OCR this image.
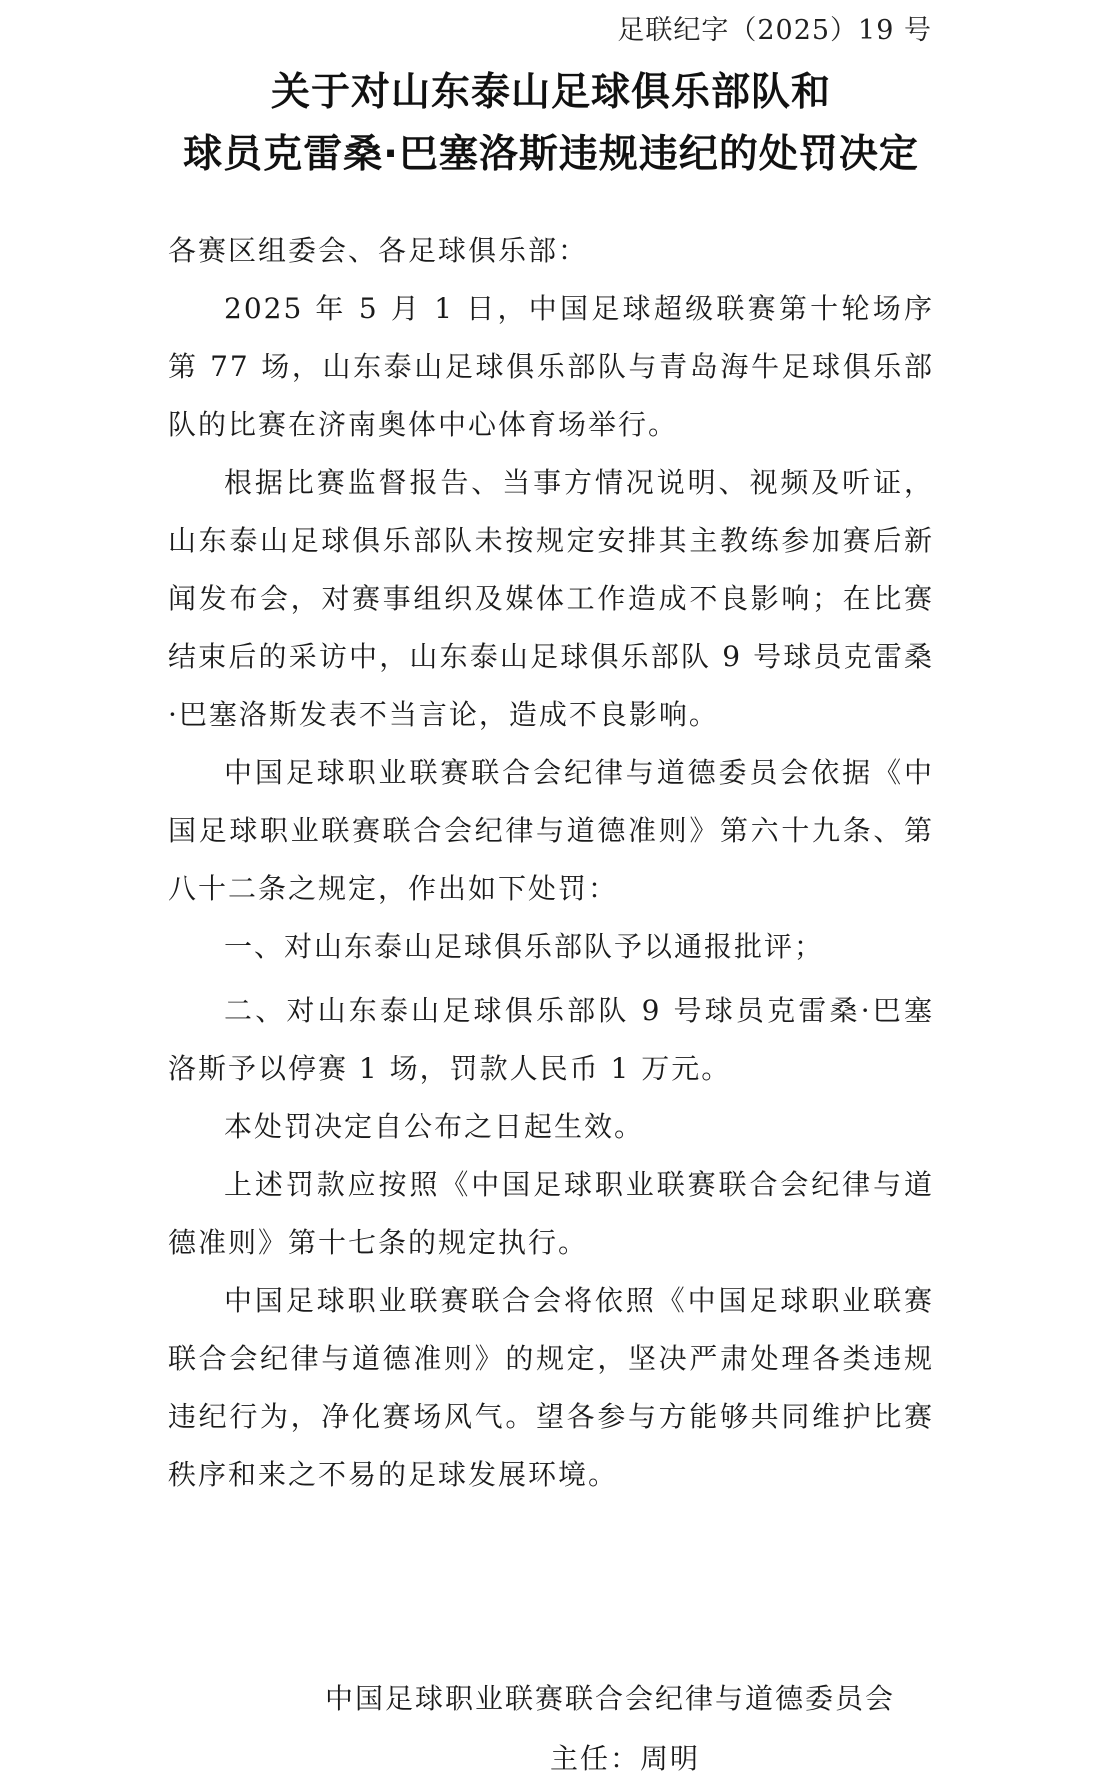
足联纪字（2025）19 号
关于对山东泰山足球俱乐部队和
球员克雷桑·巴塞洛斯违规违纪的处罚决定

各赛区组委会、各足球俱乐部：

2025 年 5 月 1 日，中国足球超级联赛第十轮场序第 77 场，山东泰山足球俱乐部队与青岛海牛足球俱乐部队的比赛在济南奥体中心体育场举行。

根据比赛监督报告、当事方情况说明、视频及听证，山东泰山足球俱乐部队未按规定安排其主教练参加赛后新闻发布会，对赛事组织及媒体工作造成不良影响；在比赛结束后的采访中，山东泰山足球俱乐部队 9 号球员克雷桑·巴塞洛斯发表不当言论，造成不良影响。

中国足球职业联赛联合会纪律与道德委员会依据《中国足球职业联赛联合会纪律与道德准则》第六十九条、第八十二条之规定，作出如下处罚：

一、对山东泰山足球俱乐部队予以通报批评；

二、对山东泰山足球俱乐部队 9 号球员克雷桑·巴塞洛斯予以停赛 1 场，罚款人民币 1 万元。

本处罚决定自公布之日起生效。

上述罚款应按照《中国足球职业联赛联合会纪律与道德准则》第十七条的规定执行。

中国足球职业联赛联合会将依照《中国足球职业联赛联合会纪律与道德准则》的规定，坚决严肃处理各类违规违纪行为，净化赛场风气。望各参与方能够共同维护比赛秩序和来之不易的足球发展环境。

中国足球职业联赛联合会纪律与道德委员会
主任：周明
